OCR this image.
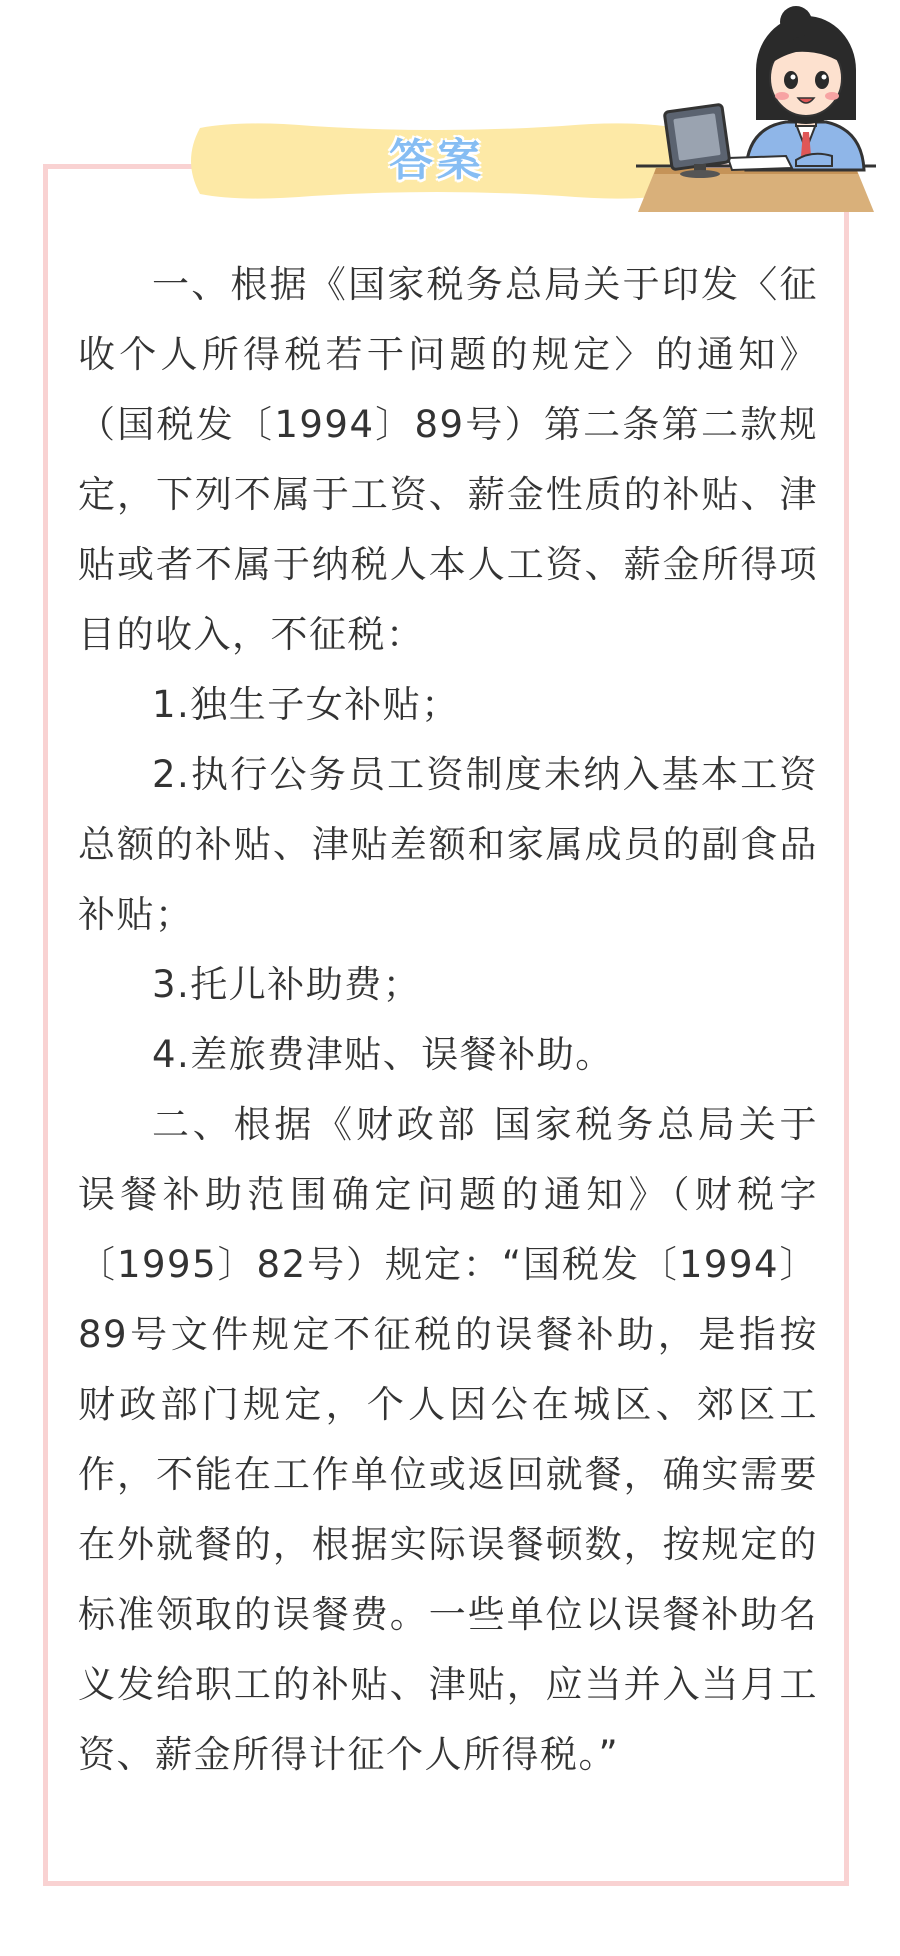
答案

一、根据《国家税务总局关于印发〈征收个人所得税若干问题的规定〉的通知》（国税发〔1994〕89号）第二条第二款规定，下列不属于工资、薪金性质的补贴、津贴或者不属于纳税人本人工资、薪金所得项目的收入，不征税：

1.独生子女补贴；

2.执行公务员工资制度未纳入基本工资总额的补贴、津贴差额和家属成员的副食品补贴；

3.托儿补助费；

4.差旅费津贴、误餐补助。

二、根据《财政部 国家税务总局关于误餐补助范围确定问题的通知》（财税字〔1995〕82号）规定：“国税发〔1994〕89号文件规定不征税的误餐补助，是指按财政部门规定，个人因公在城区、郊区工作，不能在工作单位或返回就餐，确实需要在外就餐的，根据实际误餐顿数，按规定的标准领取的误餐费。一些单位以误餐补助名义发给职工的补贴、津贴，应当并入当月工资、薪金所得计征个人所得税。”
